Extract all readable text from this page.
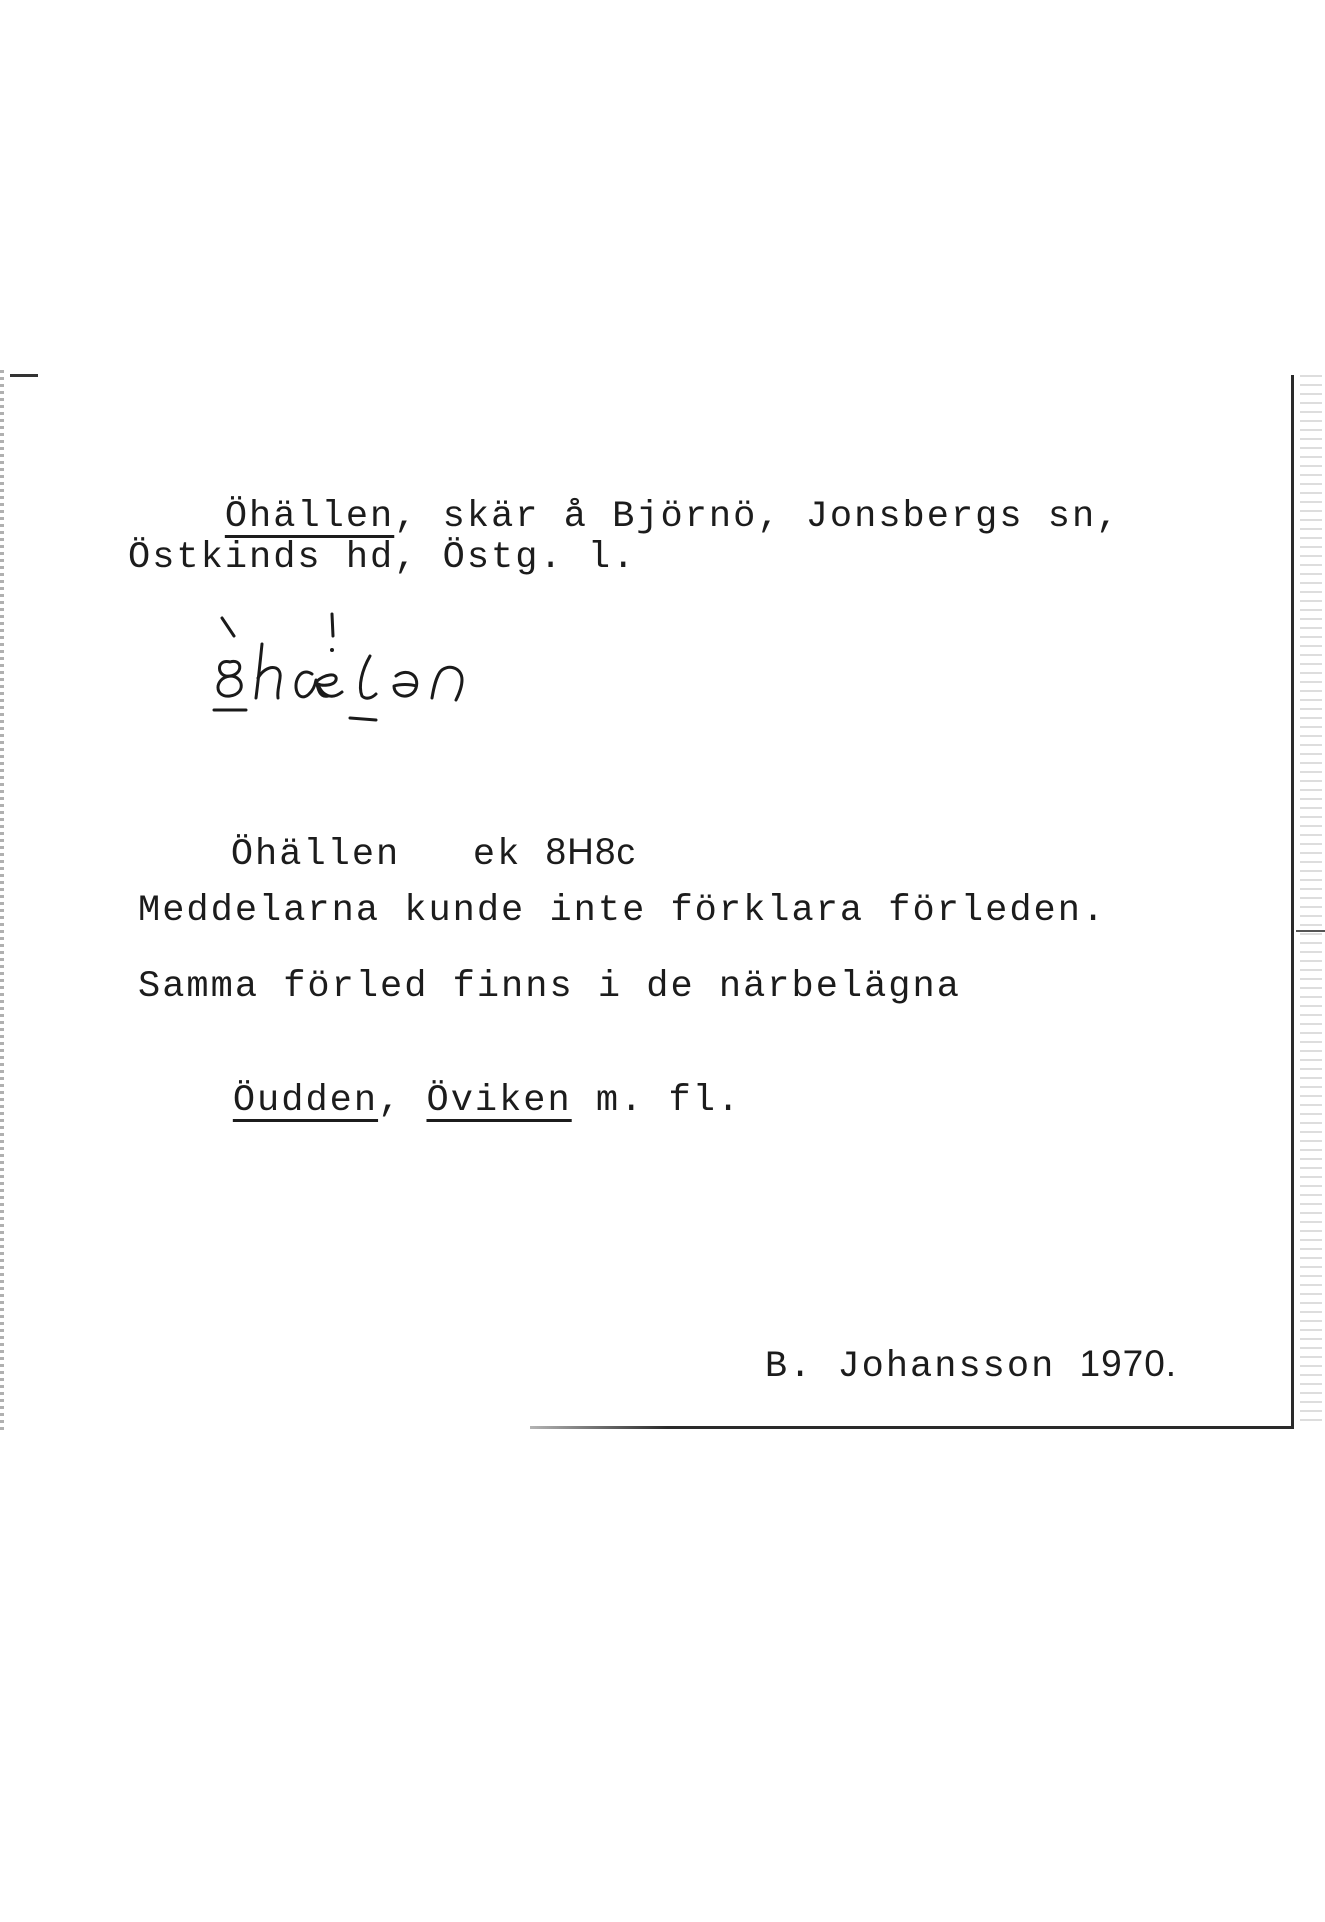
Öhällen, skär å Björnö, Jonsbergs sn,

Östkinds hd, Östg. l.

Öhällen ek 8H8c

Meddelarna kunde inte förklara förleden.
Samma förled finns i de närbelägna

Öudden, Öviken m. fl.

B. Johansson 1970.
